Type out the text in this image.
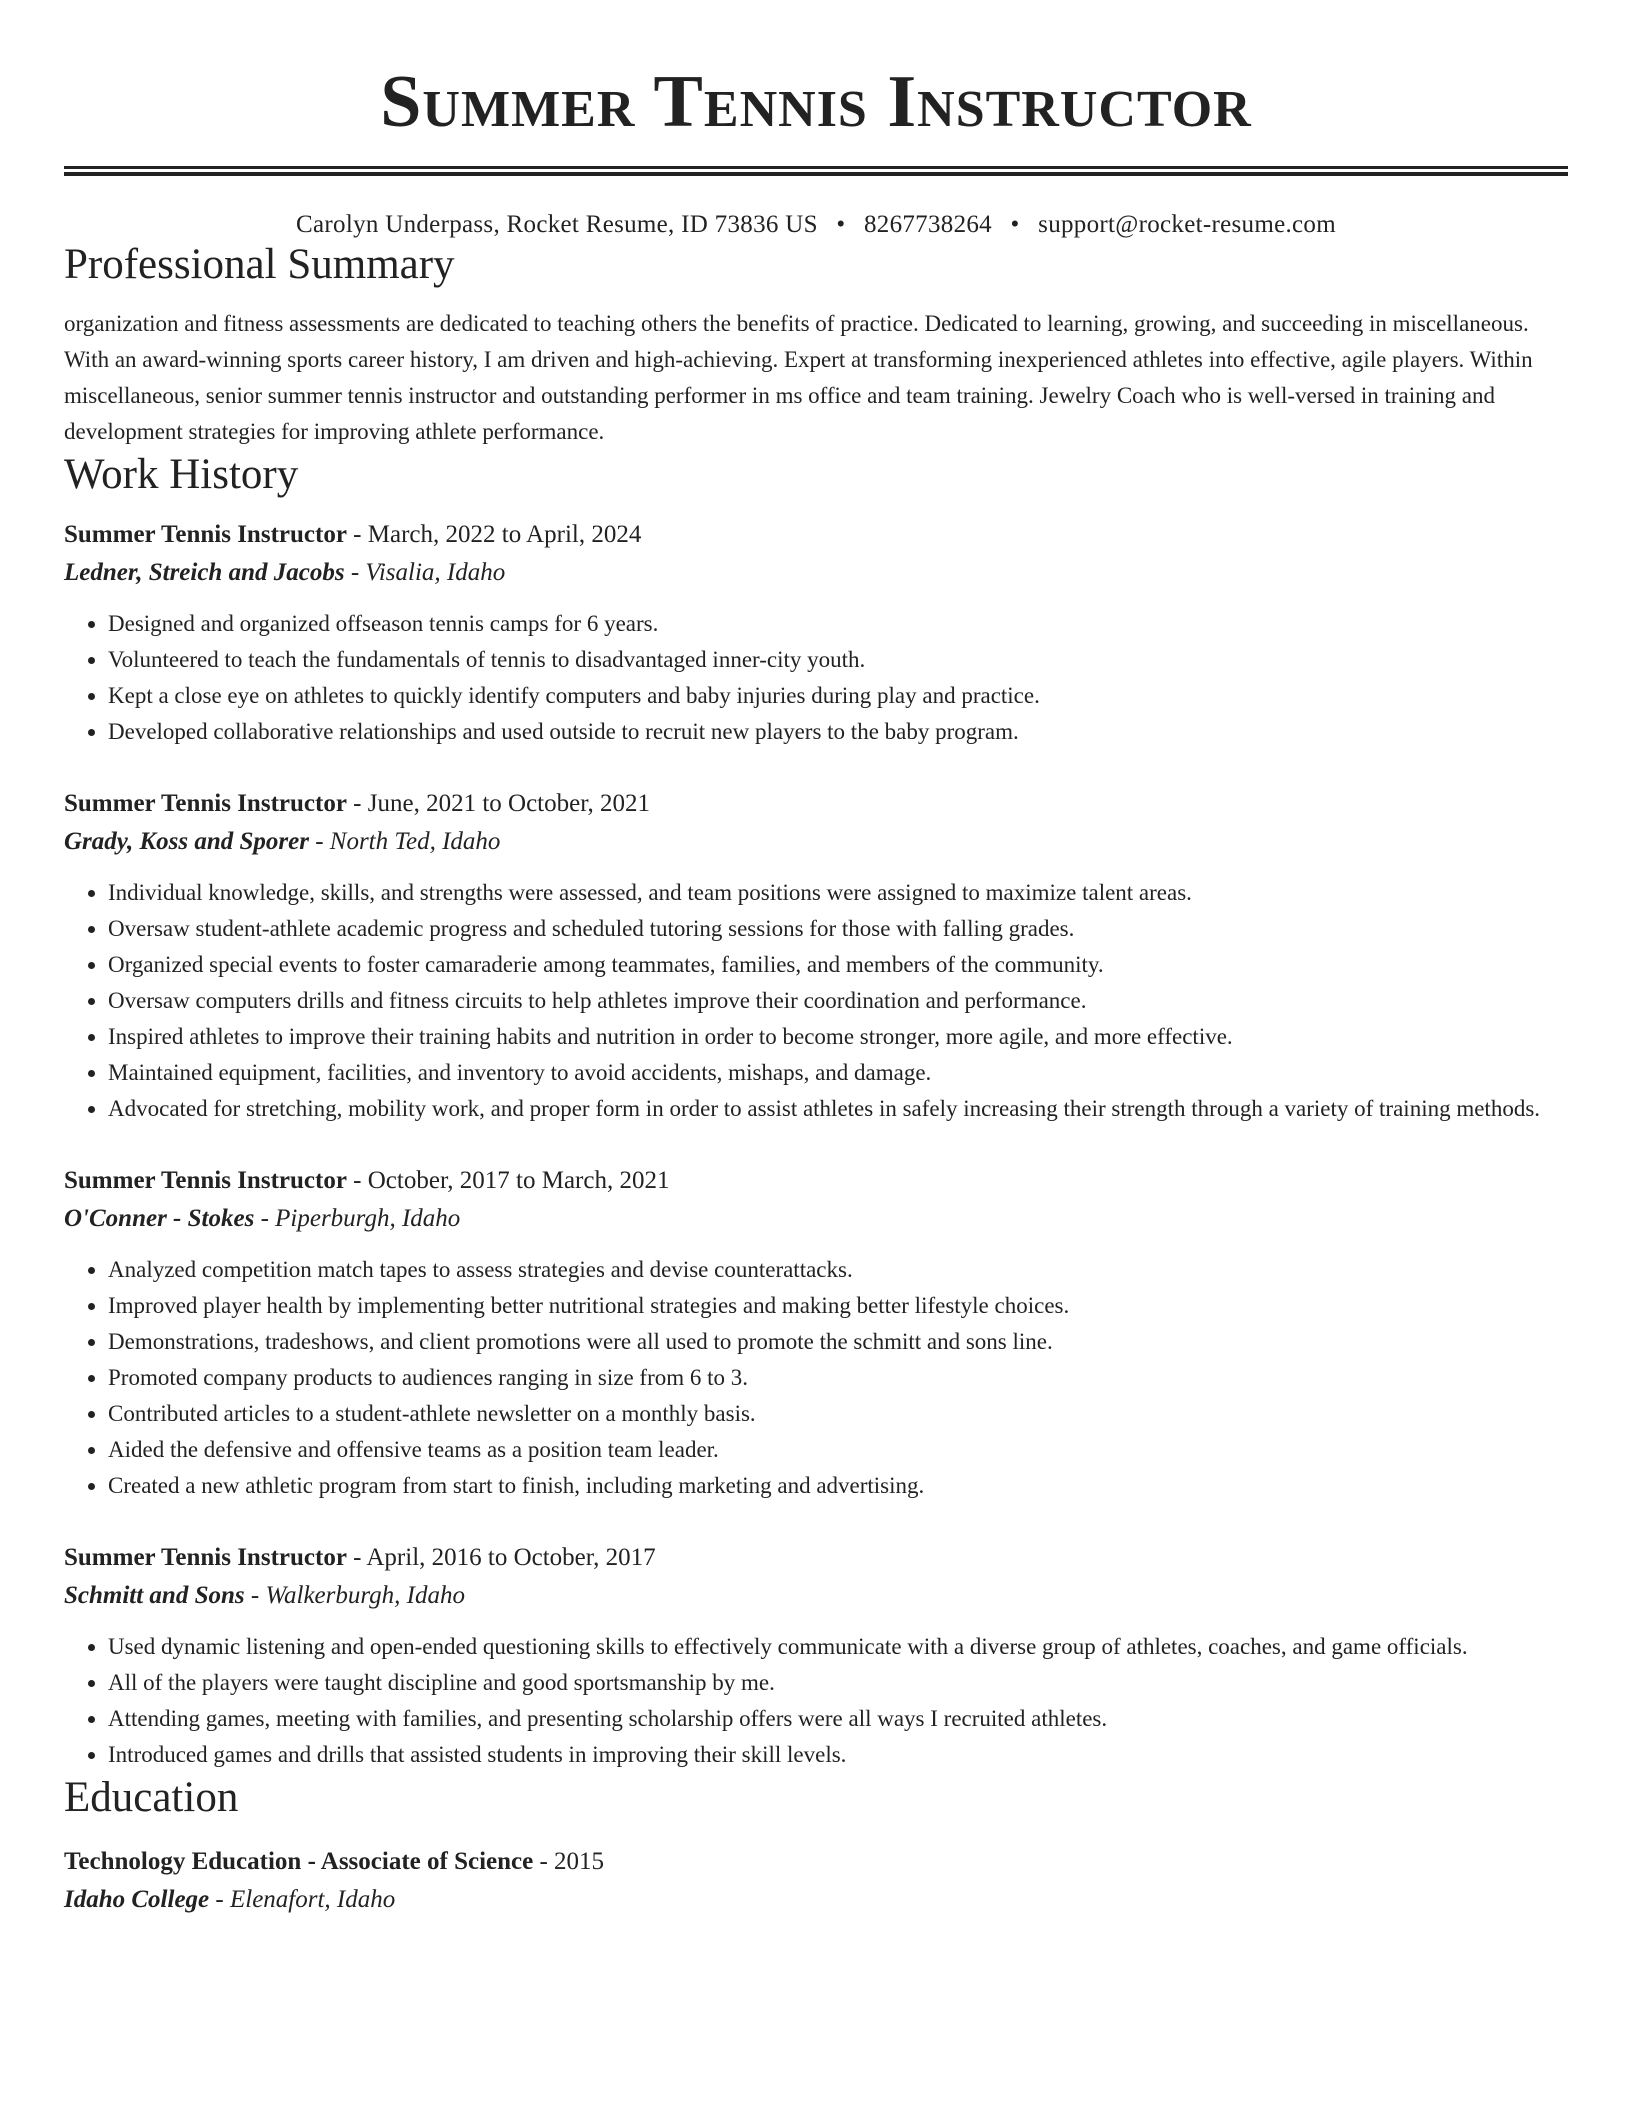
Summer Tennis Instructor
Carolyn Underpass, Rocket Resume, ID 73836 US • 8267738264 • support@rocket-resume.com
Professional Summary

organization and fitness assessments are dedicated to teaching others the benefits of practice. Dedicated to learning, growing, and succeeding in miscellaneous. With an award-winning sports career history, I am driven and high-achieving. Expert at transforming inexperienced athletes into effective, agile players. Within miscellaneous, senior summer tennis instructor and outstanding performer in ms office and team training. Jewelry Coach who is well-versed in training and development strategies for improving athlete performance.

Work History
Summer Tennis Instructor - March, 2022 to April, 2024
Ledner, Streich and Jacobs - Visalia, Idaho
• Designed and organized offseason tennis camps for 6 years.
• Volunteered to teach the fundamentals of tennis to disadvantaged inner-city youth.
• Kept a close eye on athletes to quickly identify computers and baby injuries during play and practice.
• Developed collaborative relationships and used outside to recruit new players to the baby program.
Summer Tennis Instructor - June, 2021 to October, 2021
Grady, Koss and Sporer - North Ted, Idaho
• Individual knowledge, skills, and strengths were assessed, and team positions were assigned to maximize talent areas.
• Oversaw student-athlete academic progress and scheduled tutoring sessions for those with falling grades.
• Organized special events to foster camaraderie among teammates, families, and members of the community.
• Oversaw computers drills and fitness circuits to help athletes improve their coordination and performance.
• Inspired athletes to improve their training habits and nutrition in order to become stronger, more agile, and more effective.
• Maintained equipment, facilities, and inventory to avoid accidents, mishaps, and damage.
• Advocated for stretching, mobility work, and proper form in order to assist athletes in safely increasing their strength through a variety of training methods.
Summer Tennis Instructor - October, 2017 to March, 2021
O'Conner - Stokes - Piperburgh, Idaho
• Analyzed competition match tapes to assess strategies and devise counterattacks.
• Improved player health by implementing better nutritional strategies and making better lifestyle choices.
• Demonstrations, tradeshows, and client promotions were all used to promote the schmitt and sons line.
• Promoted company products to audiences ranging in size from 6 to 3.
• Contributed articles to a student-athlete newsletter on a monthly basis.
• Aided the defensive and offensive teams as a position team leader.
• Created a new athletic program from start to finish, including marketing and advertising.
Summer Tennis Instructor - April, 2016 to October, 2017
Schmitt and Sons - Walkerburgh, Idaho
• Used dynamic listening and open-ended questioning skills to effectively communicate with a diverse group of athletes, coaches, and game officials.
• All of the players were taught discipline and good sportsmanship by me.
• Attending games, meeting with families, and presenting scholarship offers were all ways I recruited athletes.
• Introduced games and drills that assisted students in improving their skill levels.
Education
Technology Education - Associate of Science - 2015
Idaho College - Elenafort, Idaho
